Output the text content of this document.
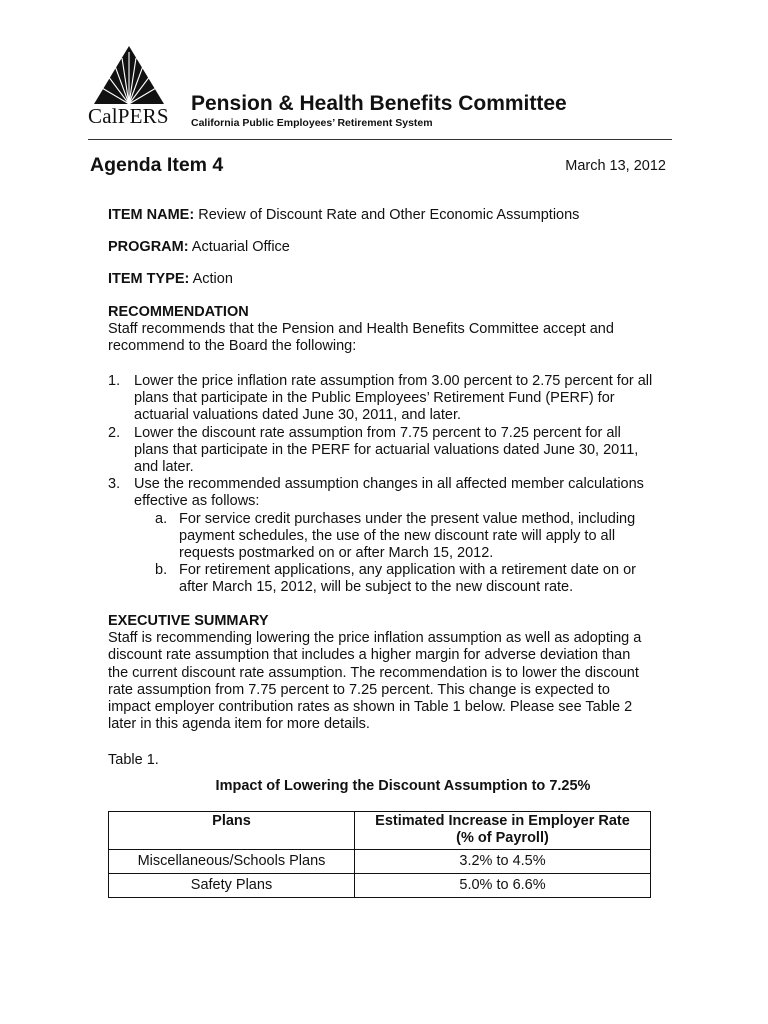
CalPERS
Pension & Health Benefits Committee
California Public Employees’ Retirement System
Agenda Item 4	March 13, 2012
ITEM NAME: Review of Discount Rate and Other Economic Assumptions
PROGRAM: Actuarial Office
ITEM TYPE: Action
RECOMMENDATION
Staff recommends that the Pension and Health Benefits Committee accept and
recommend to the Board the following:
1. Lower the price inflation rate assumption from 3.00 percent to 2.75 percent for all
plans that participate in the Public Employees’ Retirement Fund (PERF) for
actuarial valuations dated June 30, 2011, and later.
2. Lower the discount rate assumption from 7.75 percent to 7.25 percent for all
plans that participate in the PERF for actuarial valuations dated June 30, 2011,
and later.
3. Use the recommended assumption changes in all affected member calculations
effective as follows:
a. For service credit purchases under the present value method, including
payment schedules, the use of the new discount rate will apply to all
requests postmarked on or after March 15, 2012.
b. For retirement applications, any application with a retirement date on or
after March 15, 2012, will be subject to the new discount rate.
EXECUTIVE SUMMARY
Staff is recommending lowering the price inflation assumption as well as adopting a
discount rate assumption that includes a higher margin for adverse deviation than
the current discount rate assumption. The recommendation is to lower the discount
rate assumption from 7.75 percent to 7.25 percent. This change is expected to
impact employer contribution rates as shown in Table 1 below. Please see Table 2
later in this agenda item for more details.
Table 1.
Impact of Lowering the Discount Assumption to 7.25%
Plans	Estimated Increase in Employer Rate
(% of Payroll)

Miscellaneous/Schools Plans	3.2% to 4.5%
Safety Plans	5.0% to 6.6%
